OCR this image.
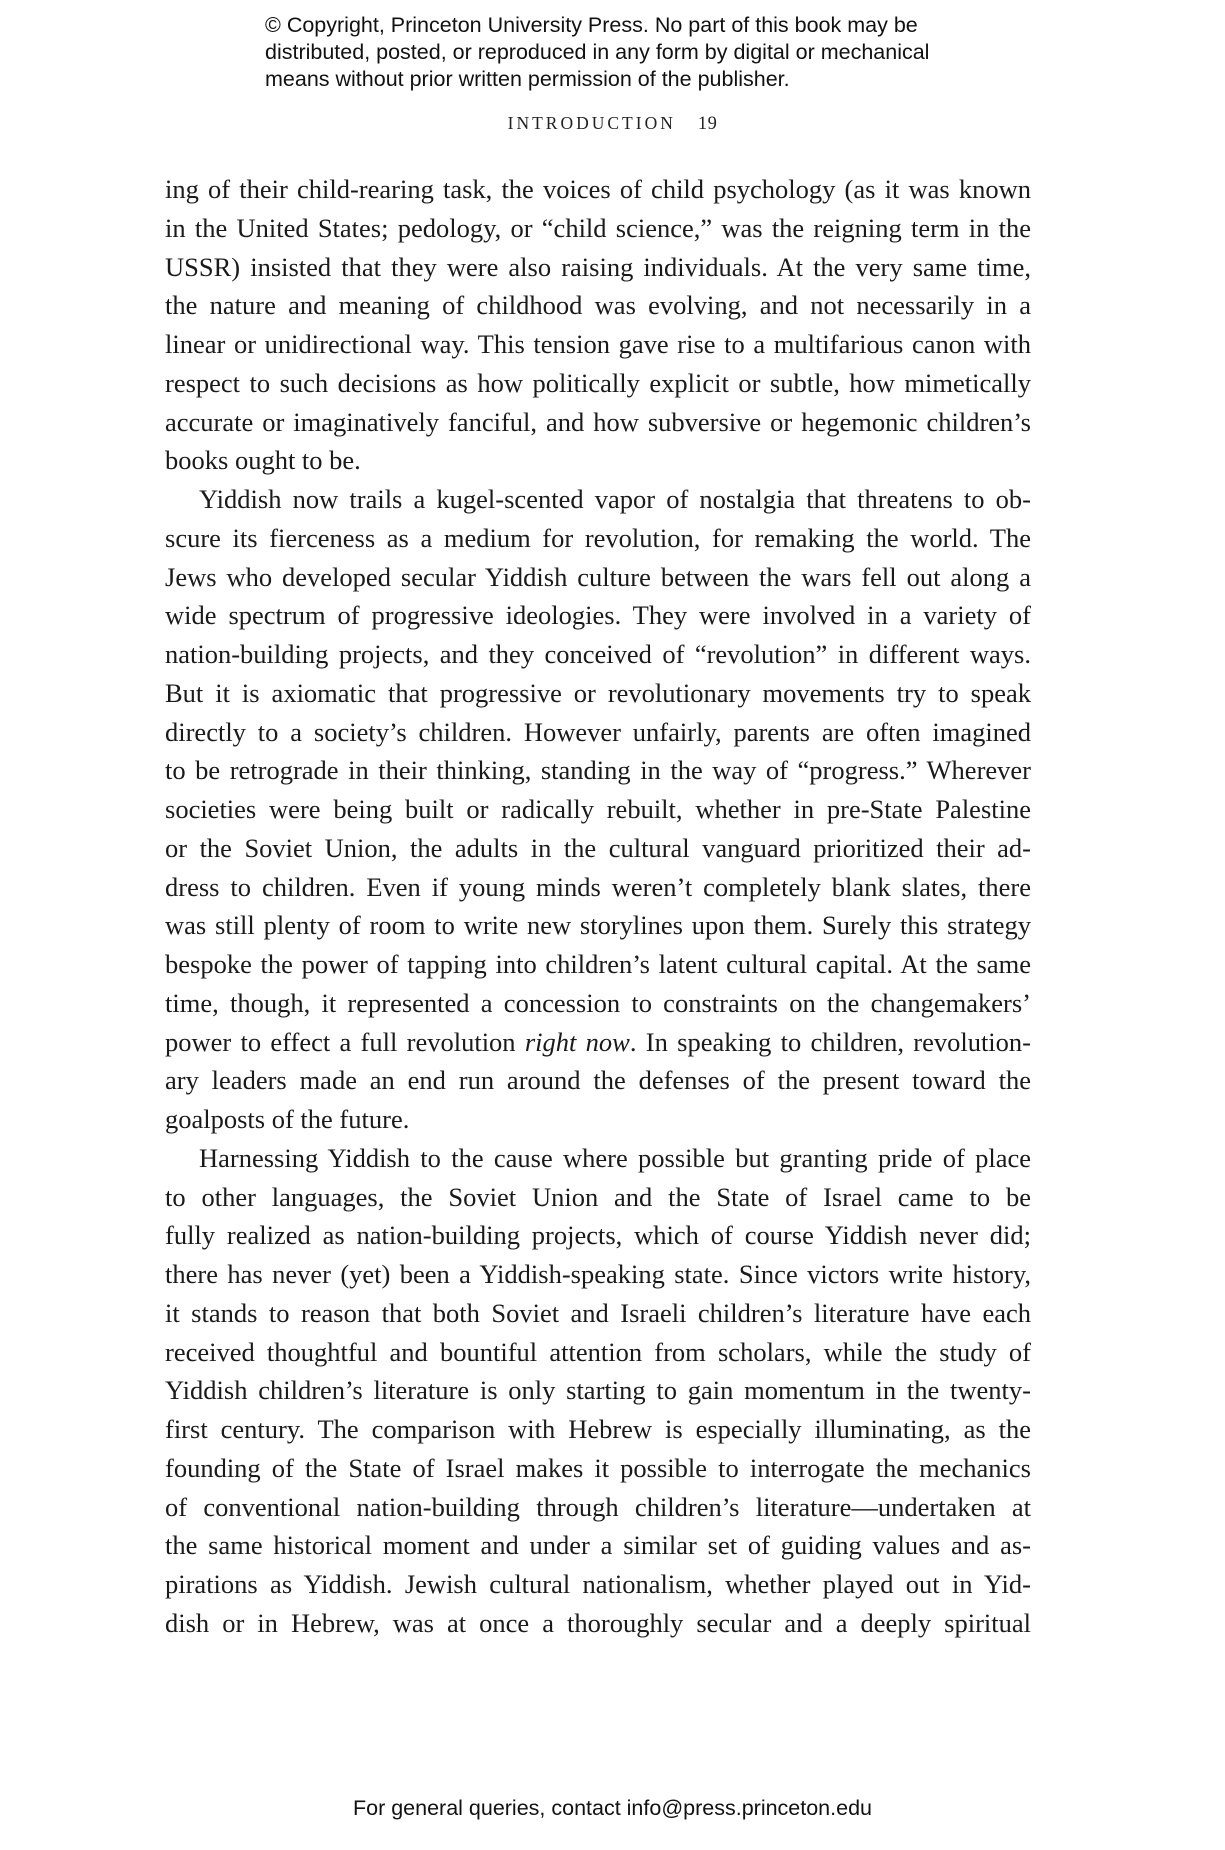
© Copyright, Princeton University Press. No part of this book may be
distributed, posted, or reproduced in any form by digital or mechanical
means without prior written permission of the publisher.
INTRODUCTION 19
ing of their child-rearing task, the voices of child psychology (as it was known
in the United States; pedology, or “child science,” was the reigning term in the
USSR) insisted that they were also raising individuals. At the very same time,
the nature and meaning of childhood was evolving, and not necessarily in a
linear or unidirectional way. This tension gave rise to a multifarious canon with
respect to such decisions as how politically explicit or subtle, how mimetically
accurate or imaginatively fanciful, and how subversive or hegemonic children’s
books ought to be.
Yiddish now trails a kugel-scented vapor of nostalgia that threatens to ob-
scure its fierceness as a medium for revolution, for remaking the world. The
Jews who developed secular Yiddish culture between the wars fell out along a
wide spectrum of progressive ideologies. They were involved in a variety of
nation-building projects, and they conceived of “revolution” in different ways.
But it is axiomatic that progressive or revolutionary movements try to speak
directly to a society’s children. However unfairly, parents are often imagined
to be retrograde in their thinking, standing in the way of “progress.” Wherever
societies were being built or radically rebuilt, whether in pre-State Palestine
or the Soviet Union, the adults in the cultural vanguard prioritized their ad-
dress to children. Even if young minds weren’t completely blank slates, there
was still plenty of room to write new storylines upon them. Surely this strategy
bespoke the power of tapping into children’s latent cultural capital. At the same
time, though, it represented a concession to constraints on the changemakers’
power to effect a full revolution right now. In speaking to children, revolution-
ary leaders made an end run around the defenses of the present toward the
goalposts of the future.
Harnessing Yiddish to the cause where possible but granting pride of place
to other languages, the Soviet Union and the State of Israel came to be
fully realized as nation-building projects, which of course Yiddish never did;
there has never (yet) been a Yiddish-speaking state. Since victors write history,
it stands to reason that both Soviet and Israeli children’s literature have each
received thoughtful and bountiful attention from scholars, while the study of
Yiddish children’s literature is only starting to gain momentum in the twenty-
first century. The comparison with Hebrew is especially illuminating, as the
founding of the State of Israel makes it possible to interrogate the mechanics
of conventional nation-building through children’s literature—undertaken at
the same historical moment and under a similar set of guiding values and as-
pirations as Yiddish. Jewish cultural nationalism, whether played out in Yid-
dish or in Hebrew, was at once a thoroughly secular and a deeply spiritual
For general queries, contact info@press.princeton.edu
